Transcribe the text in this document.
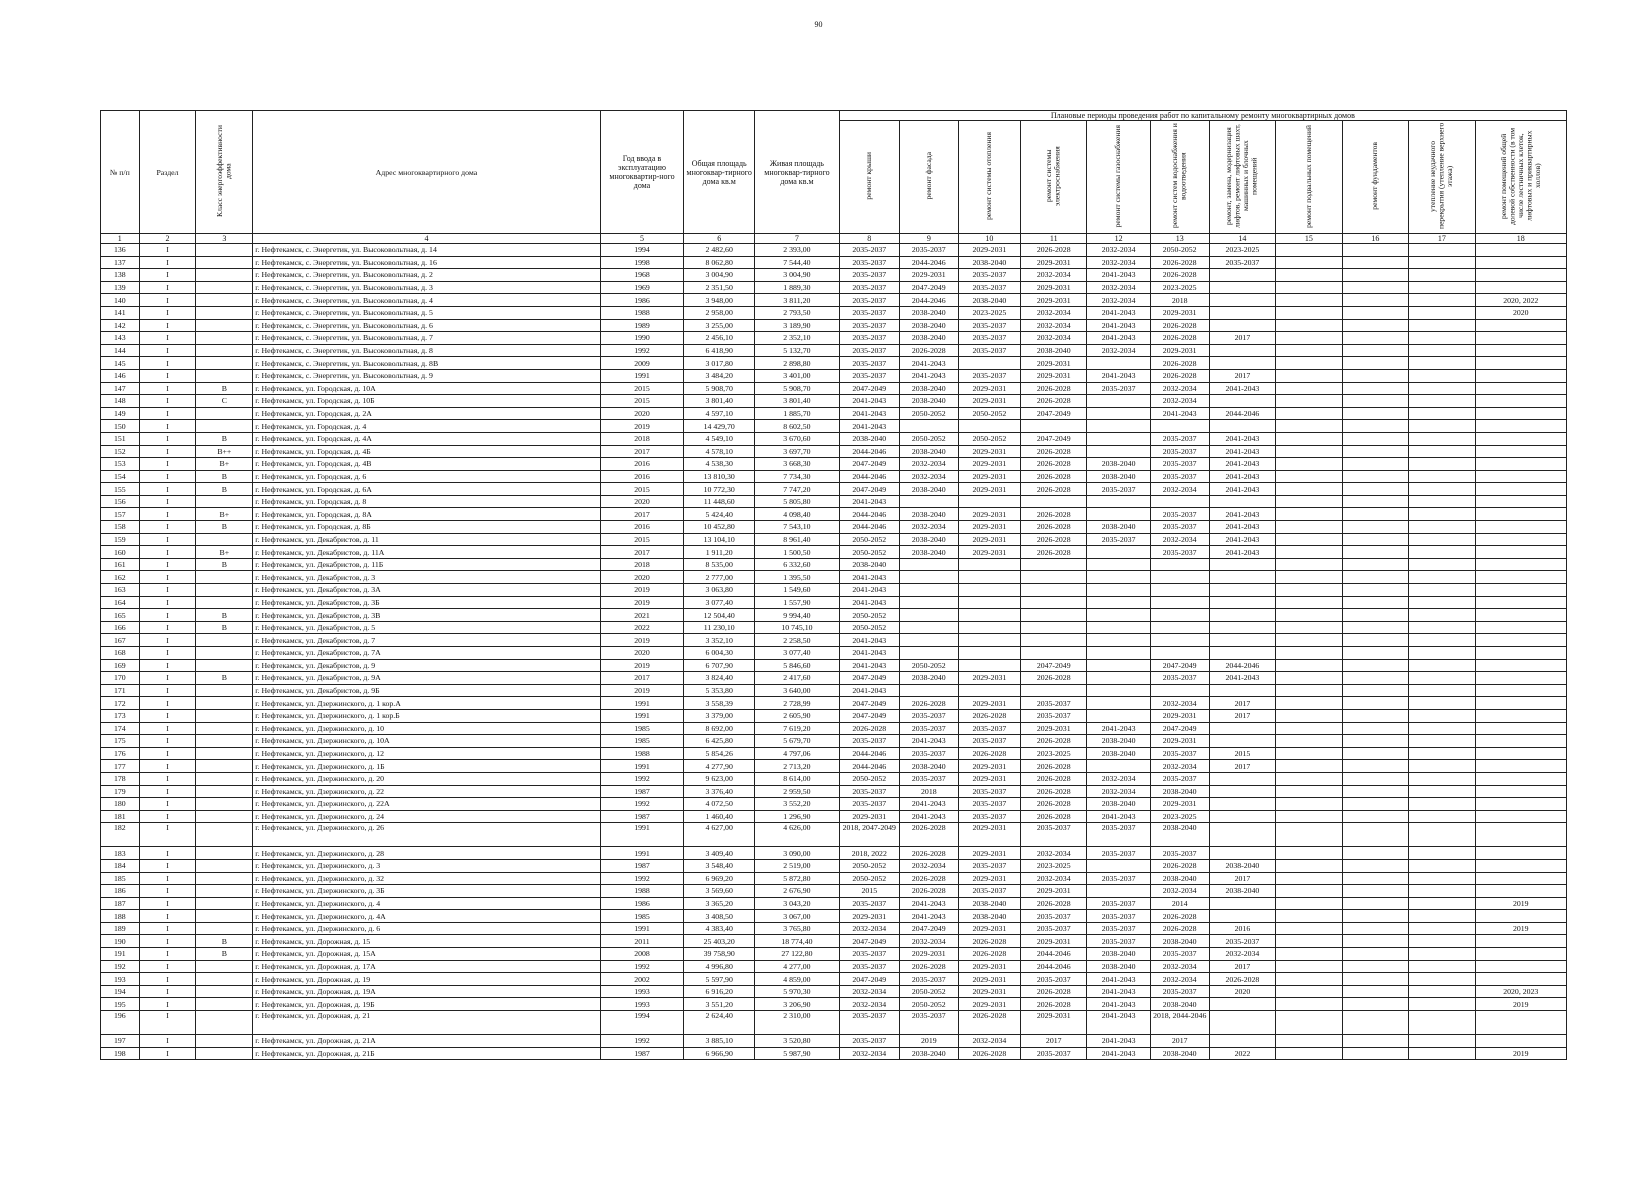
90
№ п/п	Раздел	Класс энергоэффективности дома	Адрес многоквартирного дома	Год ввода в эксплуатацию многоквартир-ного дома	Общая площадь многоквар-тирного дома кв.м	Живая площадь многоквар-тирного дома кв.м	Плановые периоды проведения работ по капитальному ремонту многоквартирных домов										
							ремонт крыши	ремонт фасада	ремонт системы отопления	ремонт системы электроснабжения	ремонт системы газоснабжения	ремонт систем водоснабжения и водоотведения	ремонт, замена, модернизация лифтов, ремонт лифтовых шахт, машинных и блочных помещений	ремонт подвальных помещений	ремонт фундаментов	утепление неудачного перекрытия (утепление верхнего этажа)	ремонт помещений общей долевой собственности (в том числе лестничных клеток, лифтовых и приквартирных холлов)
1	2	3	4	5	6	7	8	9	10	11	12	13	14	15	16	17	18
136	I		г. Нефтекамск, с. Энергетик, ул. Высоковольтная, д. 14	1994	2 482,60	2 393,00	2035-2037	2035-2037	2029-2031	2026-2028	2032-2034	2050-2052	2023-2025				
137	I		г. Нефтекамск, с. Энергетик, ул. Высоковольтная, д. 16	1998	8 062,80	7 544,40	2035-2037	2044-2046	2038-2040	2029-2031	2032-2034	2026-2028	2035-2037				
138	I		г. Нефтекамск, с. Энергетик, ул. Высоковольтная, д. 2	1968	3 004,90	3 004,90	2035-2037	2029-2031	2035-2037	2032-2034	2041-2043	2026-2028					
139	I		г. Нефтекамск, с. Энергетик, ул. Высоковольтная, д. 3	1969	2 351,50	1 889,30	2035-2037	2047-2049	2035-2037	2029-2031	2032-2034	2023-2025					
140	I		г. Нефтекамск, с. Энергетик, ул. Высоковольтная, д. 4	1986	3 948,00	3 811,20	2035-2037	2044-2046	2038-2040	2029-2031	2032-2034	2018					2020, 2022
141	I		г. Нефтекамск, с. Энергетик, ул. Высоковольтная, д. 5	1988	2 958,00	2 793,50	2035-2037	2038-2040	2023-2025	2032-2034	2041-2043	2029-2031					2020
142	I		г. Нефтекамск, с. Энергетик, ул. Высоковольтная, д. 6	1989	3 255,00	3 189,90	2035-2037	2038-2040	2035-2037	2032-2034	2041-2043	2026-2028					
143	I		г. Нефтекамск, с. Энергетик, ул. Высоковольтная, д. 7	1990	2 456,10	2 352,10	2035-2037	2038-2040	2035-2037	2032-2034	2041-2043	2026-2028	2017				
144	I		г. Нефтекамск, с. Энергетик, ул. Высоковольтная, д. 8	1992	6 418,90	5 132,70	2035-2037	2026-2028	2035-2037	2038-2040	2032-2034	2029-2031					
145	I		г. Нефтекамск, с. Энергетик, ул. Высоковольтная, д. 8В	2009	3 017,80	2 898,80	2035-2037	2041-2043		2029-2031		2026-2028					
146	I		г. Нефтекамск, с. Энергетик, ул. Высоковольтная, д. 9	1991	3 484,20	3 401,00	2035-2037	2041-2043	2035-2037	2029-2031	2041-2043	2026-2028	2017				
147	I	B	г. Нефтекамск, ул. Городская, д. 10А	2015	5 908,70	5 908,70	2047-2049	2038-2040	2029-2031	2026-2028	2035-2037	2032-2034	2041-2043				
148	I	C	г. Нефтекамск, ул. Городская, д. 10Б	2015	3 801,40	3 801,40	2041-2043	2038-2040	2029-2031	2026-2028		2032-2034					
149	I		г. Нефтекамск, ул. Городская, д. 2А	2020	4 597,10	1 885,70	2041-2043	2050-2052	2050-2052	2047-2049		2041-2043	2044-2046				
150	I		г. Нефтекамск, ул. Городская, д. 4	2019	14 429,70	8 602,50	2041-2043										
151	I	B	г. Нефтекамск, ул. Городская, д. 4А	2018	4 549,10	3 670,60	2038-2040	2050-2052	2050-2052	2047-2049		2035-2037	2041-2043				
152	I	B++	г. Нефтекамск, ул. Городская, д. 4Б	2017	4 578,10	3 697,70	2044-2046	2038-2040	2029-2031	2026-2028		2035-2037	2041-2043				
153	I	B+	г. Нефтекамск, ул. Городская, д. 4В	2016	4 538,30	3 668,30	2047-2049	2032-2034	2029-2031	2026-2028	2038-2040	2035-2037	2041-2043				
154	I	B	г. Нефтекамск, ул. Городская, д. 6	2016	13 810,30	7 734,30	2044-2046	2032-2034	2029-2031	2026-2028	2038-2040	2035-2037	2041-2043				
155	I	B	г. Нефтекамск, ул. Городская, д. 6А	2015	10 772,30	7 747,20	2047-2049	2038-2040	2029-2031	2026-2028	2035-2037	2032-2034	2041-2043				
156	I		г. Нефтекамск, ул. Городская, д. 8	2020	11 448,60	5 805,80	2041-2043										
157	I	B+	г. Нефтекамск, ул. Городская, д. 8А	2017	5 424,40	4 098,40	2044-2046	2038-2040	2029-2031	2026-2028		2035-2037	2041-2043				
158	I	B	г. Нефтекамск, ул. Городская, д. 8Б	2016	10 452,80	7 543,10	2044-2046	2032-2034	2029-2031	2026-2028	2038-2040	2035-2037	2041-2043				
159	I		г. Нефтекамск, ул. Декабристов, д. 11	2015	13 104,10	8 961,40	2050-2052	2038-2040	2029-2031	2026-2028	2035-2037	2032-2034	2041-2043				
160	I	B+	г. Нефтекамск, ул. Декабристов, д. 11А	2017	1 911,20	1 500,50	2050-2052	2038-2040	2029-2031	2026-2028		2035-2037	2041-2043				
161	I	B	г. Нефтекамск, ул. Декабристов, д. 11Б	2018	8 535,00	6 332,60	2038-2040										
162	I		г. Нефтекамск, ул. Декабристов, д. 3	2020	2 777,00	1 395,50	2041-2043										
163	I		г. Нефтекамск, ул. Декабристов, д. 3А	2019	3 063,80	1 549,60	2041-2043										
164	I		г. Нефтекамск, ул. Декабристов, д. 3Б	2019	3 077,40	1 557,90	2041-2043										
165	I	B	г. Нефтекамск, ул. Декабристов, д. 3В	2021	12 504,40	9 994,40	2050-2052										
166	I	B	г. Нефтекамск, ул. Декабристов, д. 5	2022	11 230,10	10 745,10	2050-2052										
167	I		г. Нефтекамск, ул. Декабристов, д. 7	2019	3 352,10	2 258,50	2041-2043										
168	I		г. Нефтекамск, ул. Декабристов, д. 7А	2020	6 004,30	3 077,40	2041-2043										
169	I		г. Нефтекамск, ул. Декабристов, д. 9	2019	6 707,90	5 846,60	2041-2043	2050-2052		2047-2049		2047-2049	2044-2046				
170	I	B	г. Нефтекамск, ул. Декабристов, д. 9А	2017	3 824,40	2 417,60	2047-2049	2038-2040	2029-2031	2026-2028		2035-2037	2041-2043				
171	I		г. Нефтекамск, ул. Декабристов, д. 9Б	2019	5 353,80	3 640,00	2041-2043										
172	I		г. Нефтекамск, ул. Дзержинского, д. 1 кор.А	1991	3 558,39	2 728,99	2047-2049	2026-2028	2029-2031	2035-2037		2032-2034	2017				
173	I		г. Нефтекамск, ул. Дзержинского, д. 1 кор.Б	1991	3 379,00	2 605,90	2047-2049	2035-2037	2026-2028	2035-2037		2029-2031	2017				
174	I		г. Нефтекамск, ул. Дзержинского, д. 10	1985	8 692,00	7 619,20	2026-2028	2035-2037	2035-2037	2029-2031	2041-2043	2047-2049					
175	I		г. Нефтекамск, ул. Дзержинского, д. 10А	1985	6 425,80	5 679,70	2035-2037	2041-2043	2035-2037	2026-2028	2038-2040	2029-2031					
176	I		г. Нефтекамск, ул. Дзержинского, д. 12	1988	5 854,26	4 797,06	2044-2046	2035-2037	2026-2028	2023-2025	2038-2040	2035-2037	2015				
177	I		г. Нефтекамск, ул. Дзержинского, д. 1Б	1991	4 277,90	2 713,20	2044-2046	2038-2040	2029-2031	2026-2028		2032-2034	2017				
178	I		г. Нефтекамск, ул. Дзержинского, д. 20	1992	9 623,00	8 614,00	2050-2052	2035-2037	2029-2031	2026-2028	2032-2034	2035-2037					
179	I		г. Нефтекамск, ул. Дзержинского, д. 22	1987	3 376,40	2 959,50	2035-2037	2018	2035-2037	2026-2028	2032-2034	2038-2040					
180	I		г. Нефтекамск, ул. Дзержинского, д. 22А	1992	4 072,50	3 552,20	2035-2037	2041-2043	2035-2037	2026-2028	2038-2040	2029-2031					
181	I		г. Нефтекамск, ул. Дзержинского, д. 24	1987	1 460,40	1 296,90	2029-2031	2041-2043	2035-2037	2026-2028	2041-2043	2023-2025					
182	I		г. Нефтекамск, ул. Дзержинского, д. 26	1991	4 627,00	4 626,00	2018, 2047-2049	2026-2028	2029-2031	2035-2037	2035-2037	2038-2040					
183	I		г. Нефтекамск, ул. Дзержинского, д. 28	1991	3 409,40	3 090,00	2018, 2022	2026-2028	2029-2031	2032-2034	2035-2037	2035-2037					
184	I		г. Нефтекамск, ул. Дзержинского, д. 3	1987	3 548,40	2 519,00	2050-2052	2032-2034	2035-2037	2023-2025		2026-2028	2038-2040				
185	I		г. Нефтекамск, ул. Дзержинского, д. 32	1992	6 969,20	5 872,80	2050-2052	2026-2028	2029-2031	2032-2034	2035-2037	2038-2040	2017				
186	I		г. Нефтекамск, ул. Дзержинского, д. 3Б	1988	3 569,60	2 676,90	2015	2026-2028	2035-2037	2029-2031		2032-2034	2038-2040				
187	I		г. Нефтекамск, ул. Дзержинского, д. 4	1986	3 365,20	3 043,20	2035-2037	2041-2043	2038-2040	2026-2028	2035-2037	2014					2019
188	I		г. Нефтекамск, ул. Дзержинского, д. 4А	1985	3 408,50	3 067,00	2029-2031	2041-2043	2038-2040	2035-2037	2035-2037	2026-2028					
189	I		г. Нефтекамск, ул. Дзержинского, д. 6	1991	4 383,40	3 765,80	2032-2034	2047-2049	2029-2031	2035-2037	2035-2037	2026-2028	2016				2019
190	I	B	г. Нефтекамск, ул. Дорожная, д. 15	2011	25 403,20	18 774,40	2047-2049	2032-2034	2026-2028	2029-2031	2035-2037	2038-2040	2035-2037				
191	I	B	г. Нефтекамск, ул. Дорожная, д. 15А	2008	39 758,90	27 122,80	2035-2037	2029-2031	2026-2028	2044-2046	2038-2040	2035-2037	2032-2034				
192	I		г. Нефтекамск, ул. Дорожная, д. 17А	1992	4 996,80	4 277,00	2035-2037	2026-2028	2029-2031	2044-2046	2038-2040	2032-2034	2017				
193	I		г. Нефтекамск, ул. Дорожная, д. 19	2002	5 597,90	4 859,00	2047-2049	2035-2037	2029-2031	2035-2037	2041-2043	2032-2034	2026-2028				
194	I		г. Нефтекамск, ул. Дорожная, д. 19А	1993	6 916,20	5 970,30	2032-2034	2050-2052	2029-2031	2026-2028	2041-2043	2035-2037	2020				2020, 2023
195	I		г. Нефтекамск, ул. Дорожная, д. 19Б	1993	3 551,20	3 206,90	2032-2034	2050-2052	2029-2031	2026-2028	2041-2043	2038-2040					2019
196	I		г. Нефтекамск, ул. Дорожная, д. 21	1994	2 624,40	2 310,00	2035-2037	2035-2037	2026-2028	2029-2031	2041-2043	2018, 2044-2046					
197	I		г. Нефтекамск, ул. Дорожная, д. 21А	1992	3 885,10	3 520,80	2035-2037	2019	2032-2034	2017	2041-2043	2017					
198	I		г. Нефтекамск, ул. Дорожная, д. 21Б	1987	6 966,90	5 987,90	2032-2034	2038-2040	2026-2028	2035-2037	2041-2043	2038-2040	2022				2019
